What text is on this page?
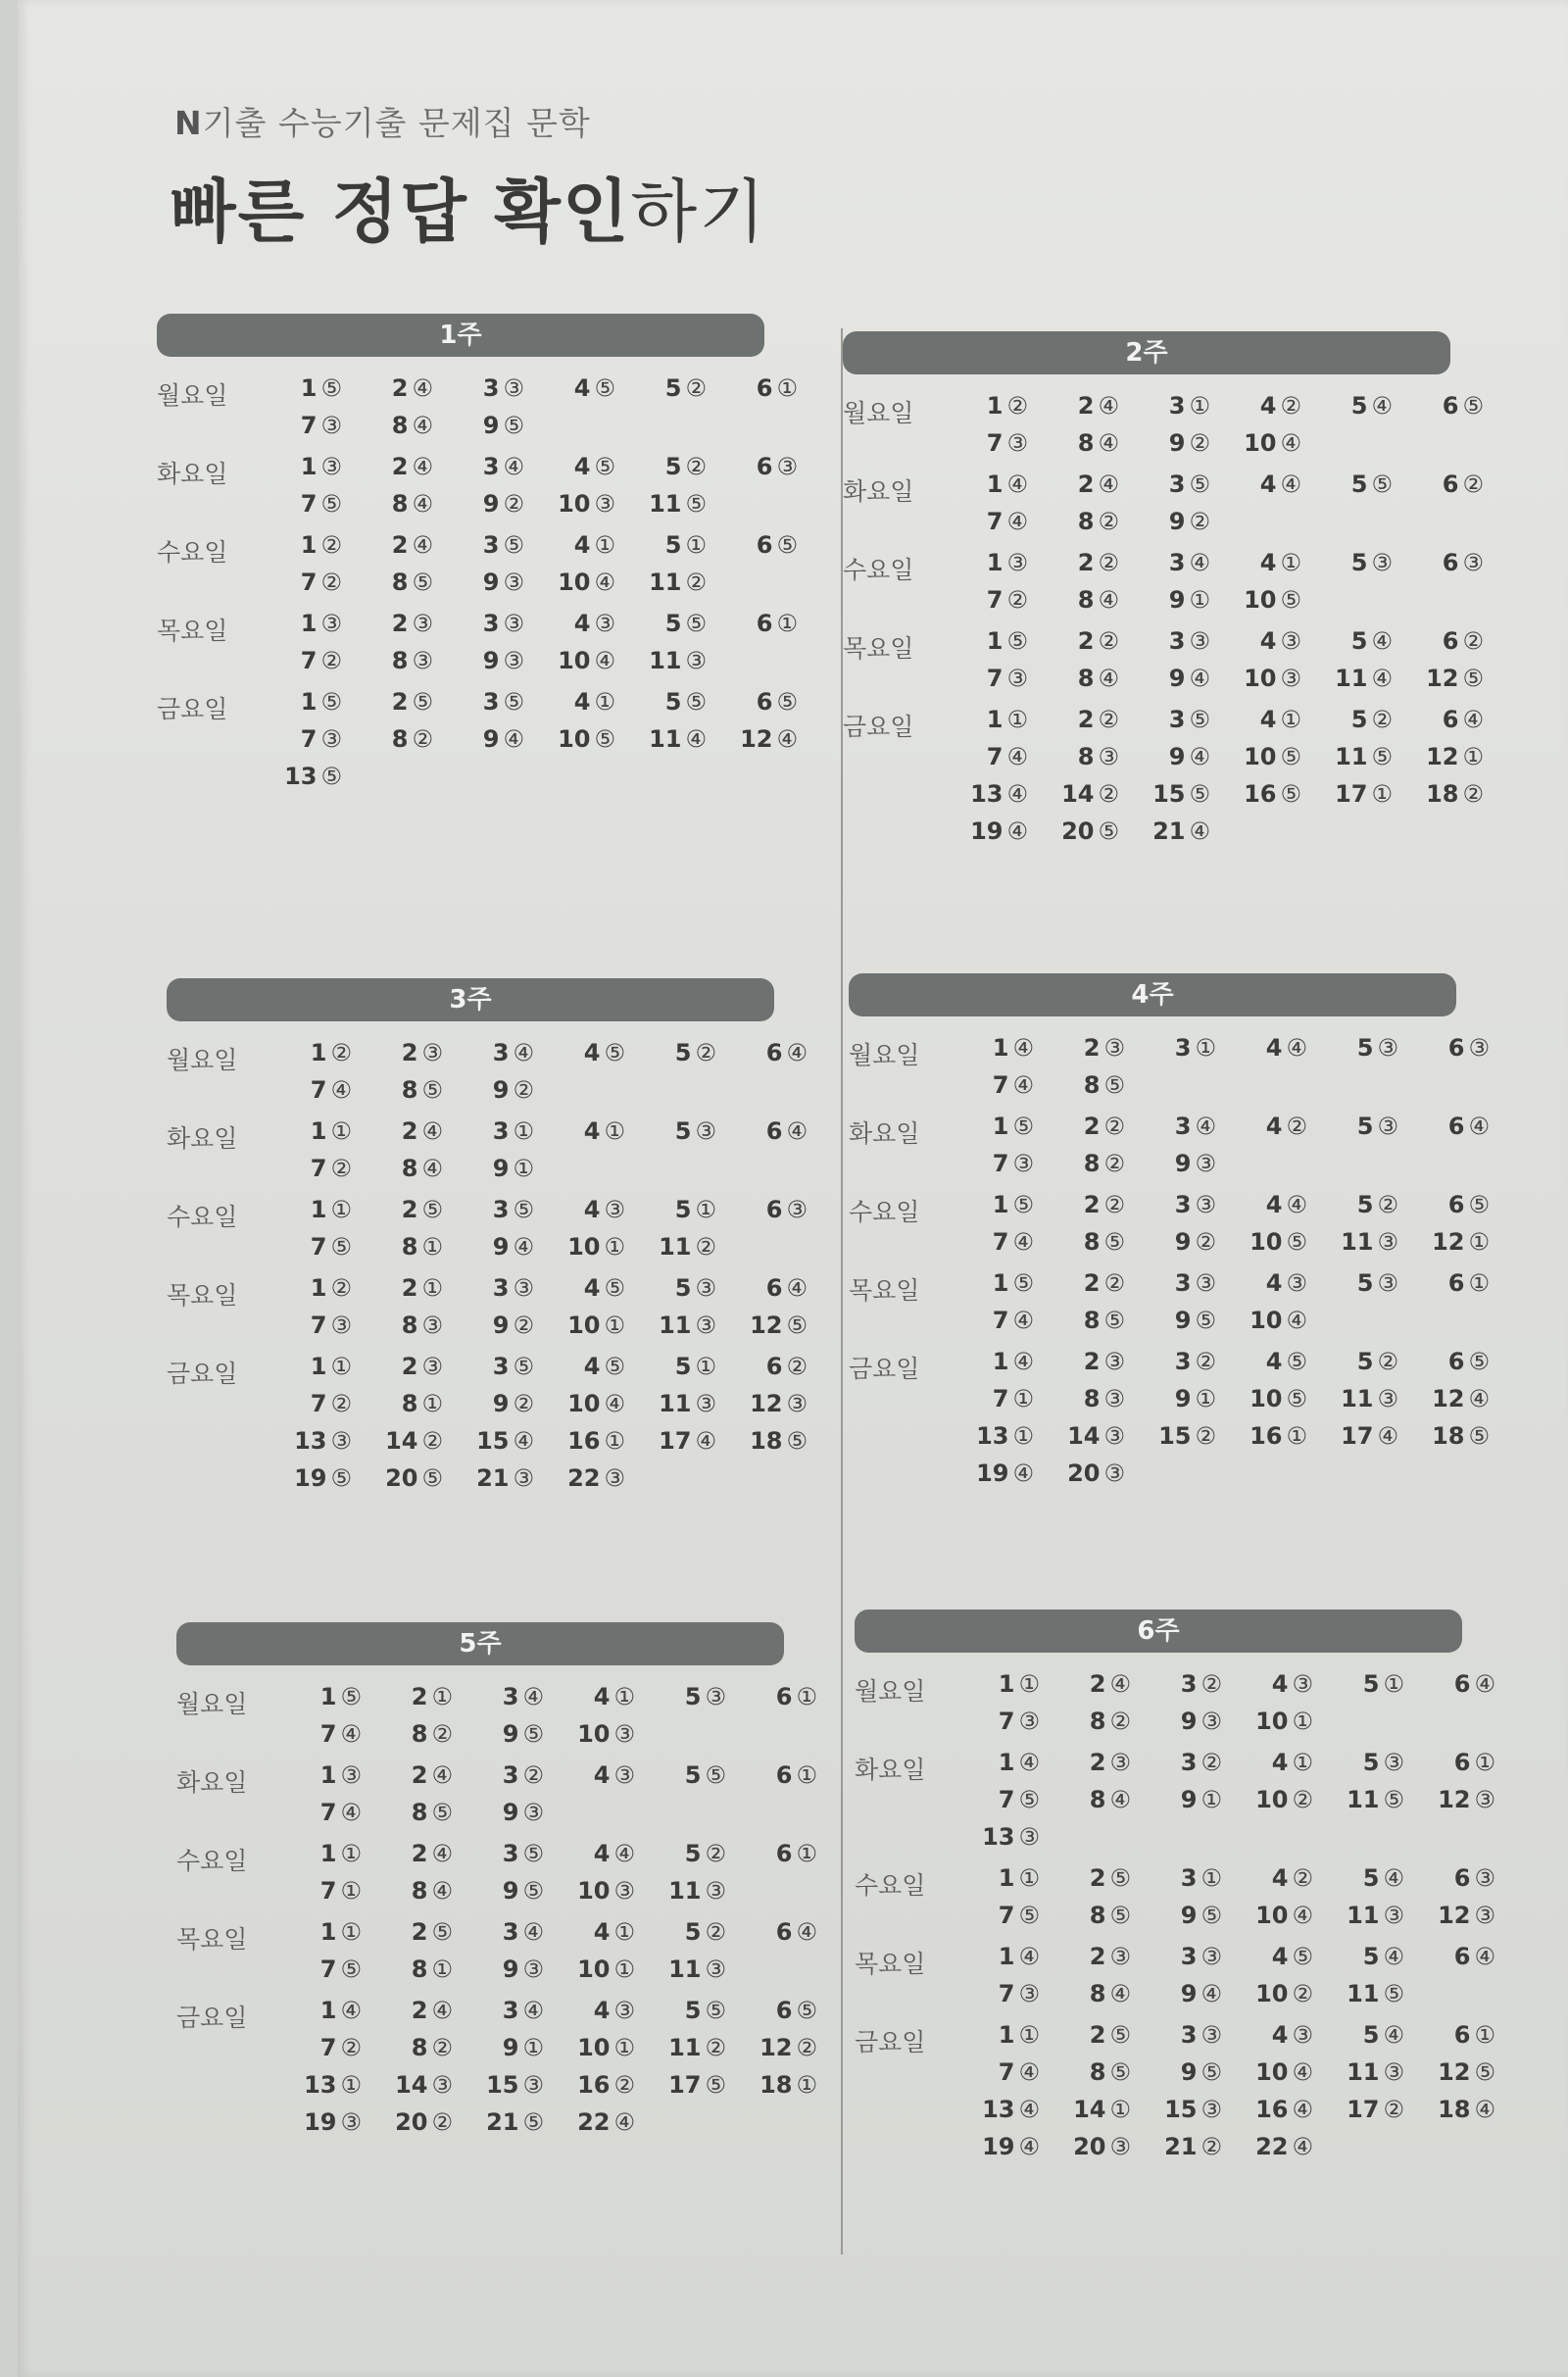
N기출 수능기출 문제집 문학
빠른 정답 확인하기
1주
월요일	1 ⑤	2 ④	3 ③	4 ⑤	5 ②	6 ①
7 ③	8 ④	9 ⑤
화요일	1 ③	2 ④	3 ④	4 ⑤	5 ②	6 ③
7 ⑤	8 ④	9 ②	10 ③	11 ⑤
수요일	1 ②	2 ④	3 ⑤	4 ①	5 ①	6 ⑤
7 ②	8 ⑤	9 ③	10 ④	11 ②
목요일	1 ③	2 ③	3 ③	4 ③	5 ⑤	6 ①
7 ②	8 ③	9 ③	10 ④	11 ③
금요일	1 ⑤	2 ⑤	3 ⑤	4 ①	5 ⑤	6 ⑤
7 ③	8 ②	9 ④	10 ⑤	11 ④	12 ④
13 ⑤
2주
월요일	1 ②	2 ④	3 ①	4 ②	5 ④	6 ⑤
7 ③	8 ④	9 ②	10 ④
화요일	1 ④	2 ④	3 ⑤	4 ④	5 ⑤	6 ②
7 ④	8 ②	9 ②
수요일	1 ③	2 ②	3 ④	4 ①	5 ③	6 ③
7 ②	8 ④	9 ①	10 ⑤
목요일	1 ⑤	2 ②	3 ③	4 ③	5 ④	6 ②
7 ③	8 ④	9 ④	10 ③	11 ④	12 ⑤
금요일	1 ①	2 ②	3 ⑤	4 ①	5 ②	6 ④
7 ④	8 ③	9 ④	10 ⑤	11 ⑤	12 ①
13 ④	14 ②	15 ⑤	16 ⑤	17 ①	18 ②
19 ④	20 ⑤	21 ④
3주
월요일	1 ②	2 ③	3 ④	4 ⑤	5 ②	6 ④
7 ④	8 ⑤	9 ②
화요일	1 ①	2 ④	3 ①	4 ①	5 ③	6 ④
7 ②	8 ④	9 ①
수요일	1 ①	2 ⑤	3 ⑤	4 ③	5 ①	6 ③
7 ⑤	8 ①	9 ④	10 ①	11 ②
목요일	1 ②	2 ①	3 ③	4 ⑤	5 ③	6 ④
7 ③	8 ③	9 ②	10 ①	11 ③	12 ⑤
금요일	1 ①	2 ③	3 ⑤	4 ⑤	5 ①	6 ②
7 ②	8 ①	9 ②	10 ④	11 ③	12 ③
13 ③	14 ②	15 ④	16 ①	17 ④	18 ⑤
19 ⑤	20 ⑤	21 ③	22 ③
4주
월요일	1 ④	2 ③	3 ①	4 ④	5 ③	6 ③
7 ④	8 ⑤
화요일	1 ⑤	2 ②	3 ④	4 ②	5 ③	6 ④
7 ③	8 ②	9 ③
수요일	1 ⑤	2 ②	3 ③	4 ④	5 ②	6 ⑤
7 ④	8 ⑤	9 ②	10 ⑤	11 ③	12 ①
목요일	1 ⑤	2 ②	3 ③	4 ③	5 ③	6 ①
7 ④	8 ⑤	9 ⑤	10 ④
금요일	1 ④	2 ③	3 ②	4 ⑤	5 ②	6 ⑤
7 ①	8 ③	9 ①	10 ⑤	11 ③	12 ④
13 ①	14 ③	15 ②	16 ①	17 ④	18 ⑤
19 ④	20 ③
5주
월요일	1 ⑤	2 ①	3 ④	4 ①	5 ③	6 ①
7 ④	8 ②	9 ⑤	10 ③
화요일	1 ③	2 ④	3 ②	4 ③	5 ⑤	6 ①
7 ④	8 ⑤	9 ③
수요일	1 ①	2 ④	3 ⑤	4 ④	5 ②	6 ①
7 ①	8 ④	9 ⑤	10 ③	11 ③
목요일	1 ①	2 ⑤	3 ④	4 ①	5 ②	6 ④
7 ⑤	8 ①	9 ③	10 ①	11 ③
금요일	1 ④	2 ④	3 ④	4 ③	5 ⑤	6 ⑤
7 ②	8 ②	9 ①	10 ①	11 ②	12 ②
13 ①	14 ③	15 ③	16 ②	17 ⑤	18 ①
19 ③	20 ②	21 ⑤	22 ④
6주
월요일	1 ①	2 ④	3 ②	4 ③	5 ①	6 ④
7 ③	8 ②	9 ③	10 ①
화요일	1 ④	2 ③	3 ②	4 ①	5 ③	6 ①
7 ⑤	8 ④	9 ①	10 ②	11 ⑤	12 ③
13 ③
수요일	1 ①	2 ⑤	3 ①	4 ②	5 ④	6 ③
7 ⑤	8 ⑤	9 ⑤	10 ④	11 ③	12 ③
목요일	1 ④	2 ③	3 ③	4 ⑤	5 ④	6 ④
7 ③	8 ④	9 ④	10 ②	11 ⑤
금요일	1 ①	2 ⑤	3 ③	4 ③	5 ④	6 ①
7 ④	8 ⑤	9 ⑤	10 ④	11 ③	12 ⑤
13 ④	14 ①	15 ③	16 ④	17 ②	18 ④
19 ④	20 ③	21 ②	22 ④
